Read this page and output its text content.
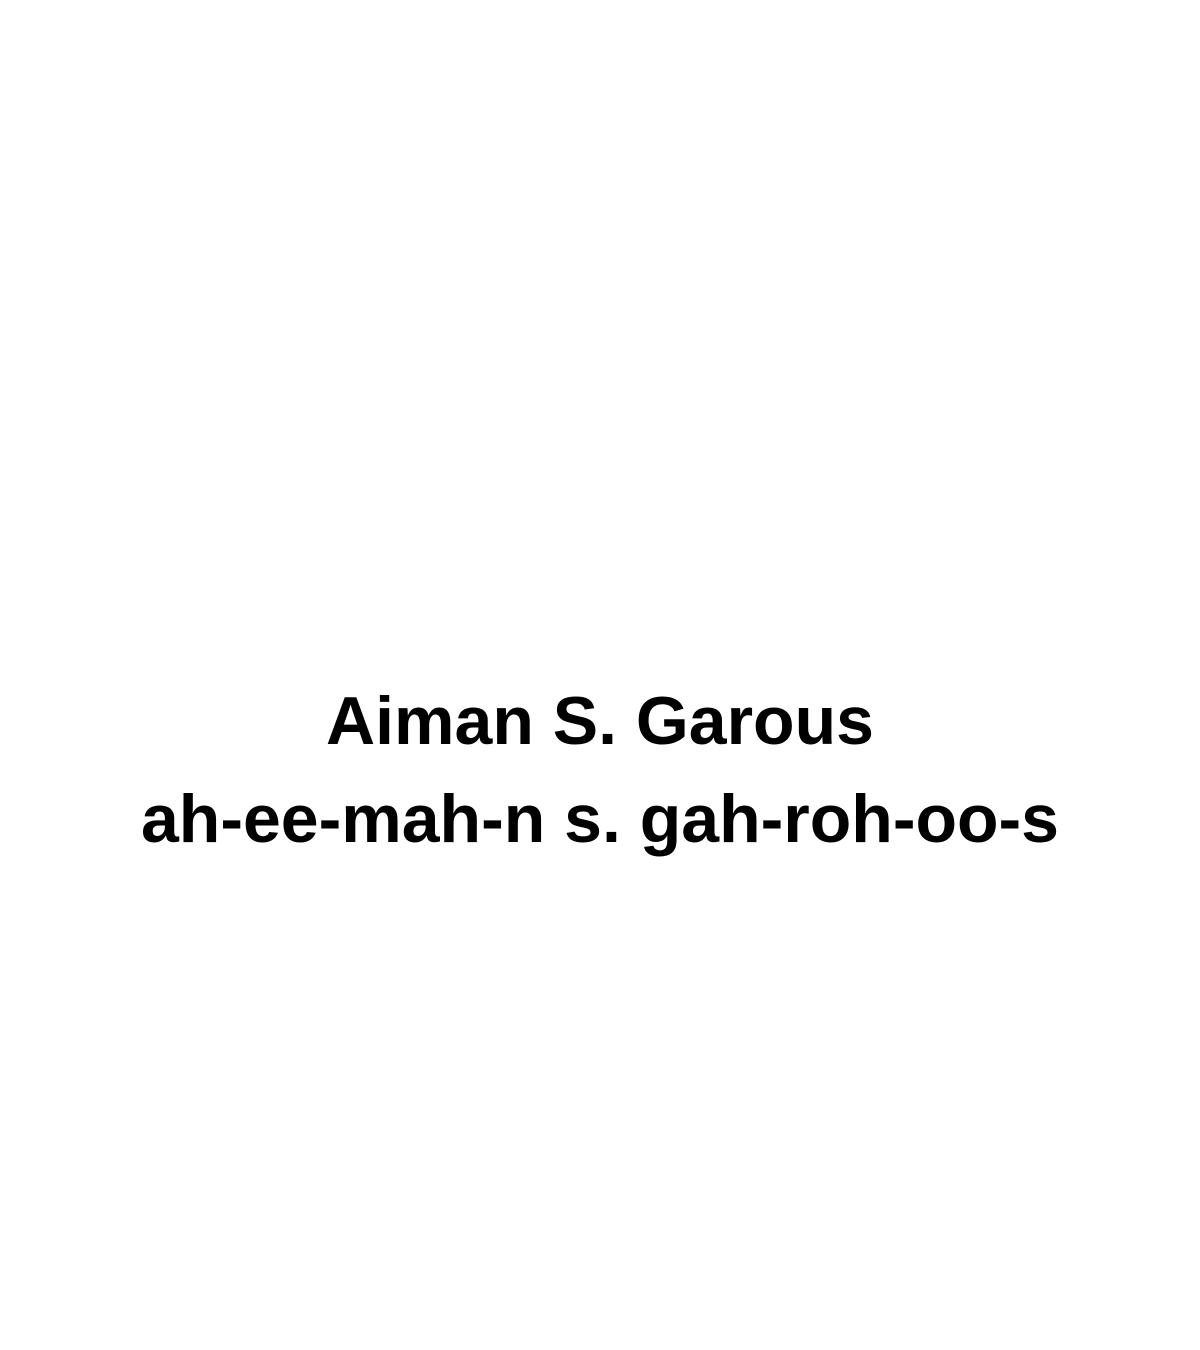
Aiman S. Garous

ah-ee-mah-n s. gah-roh-oo-s
